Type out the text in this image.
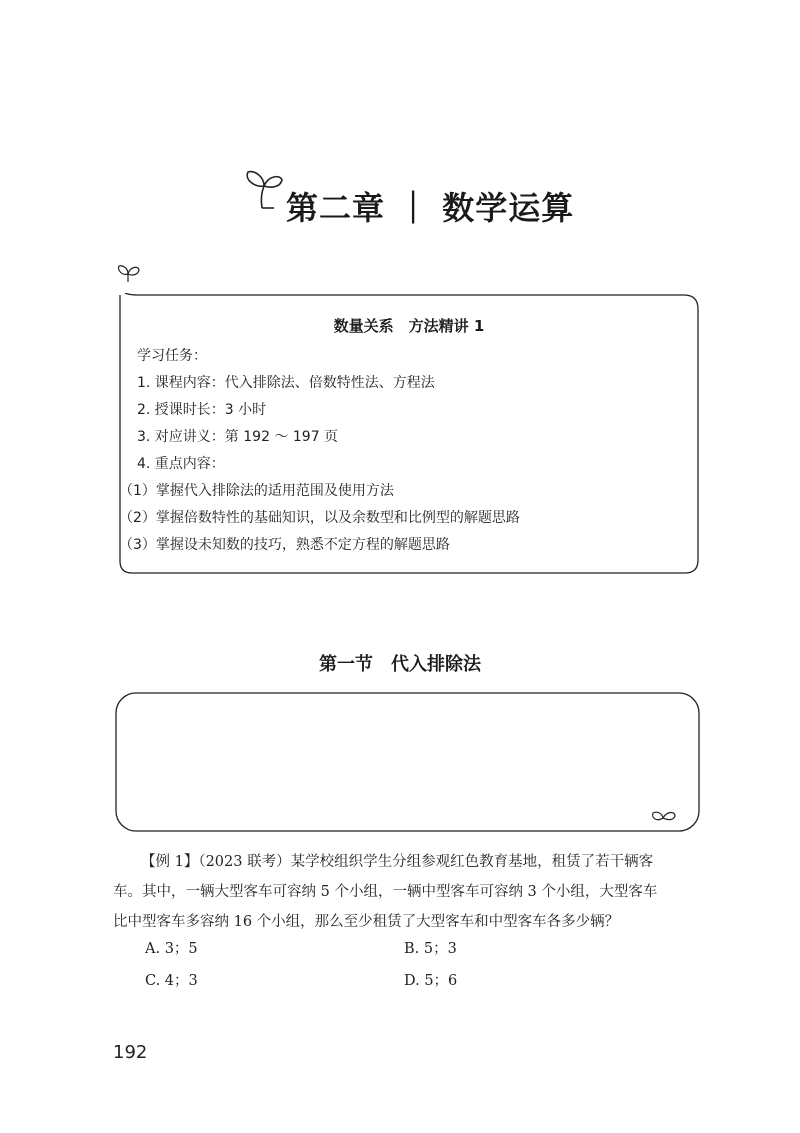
第二章 ｜ 数学运算
数量关系　方法精讲 1
学习任务：
1. 课程内容：代入排除法、倍数特性法、方程法
2. 授课时长：3 小时
3. 对应讲义：第 192 ～ 197 页
4. 重点内容：
（1）掌握代入排除法的适用范围及使用方法
（2）掌握倍数特性的基础知识，以及余数型和比例型的解题思路
（3）掌握设未知数的技巧，熟悉不定方程的解题思路
第一节　代入排除法

【例 1】（2023 联考）某学校组织学生分组参观红色教育基地，租赁了若干辆客

车。其中，一辆大型客车可容纳 5 个小组，一辆中型客车可容纳 3 个小组，大型客车

比中型客车多容纳 16 个小组，那么至少租赁了大型客车和中型客车各多少辆？

A. 3；5	B. 5；3
C. 4；3	D. 5；6
192
